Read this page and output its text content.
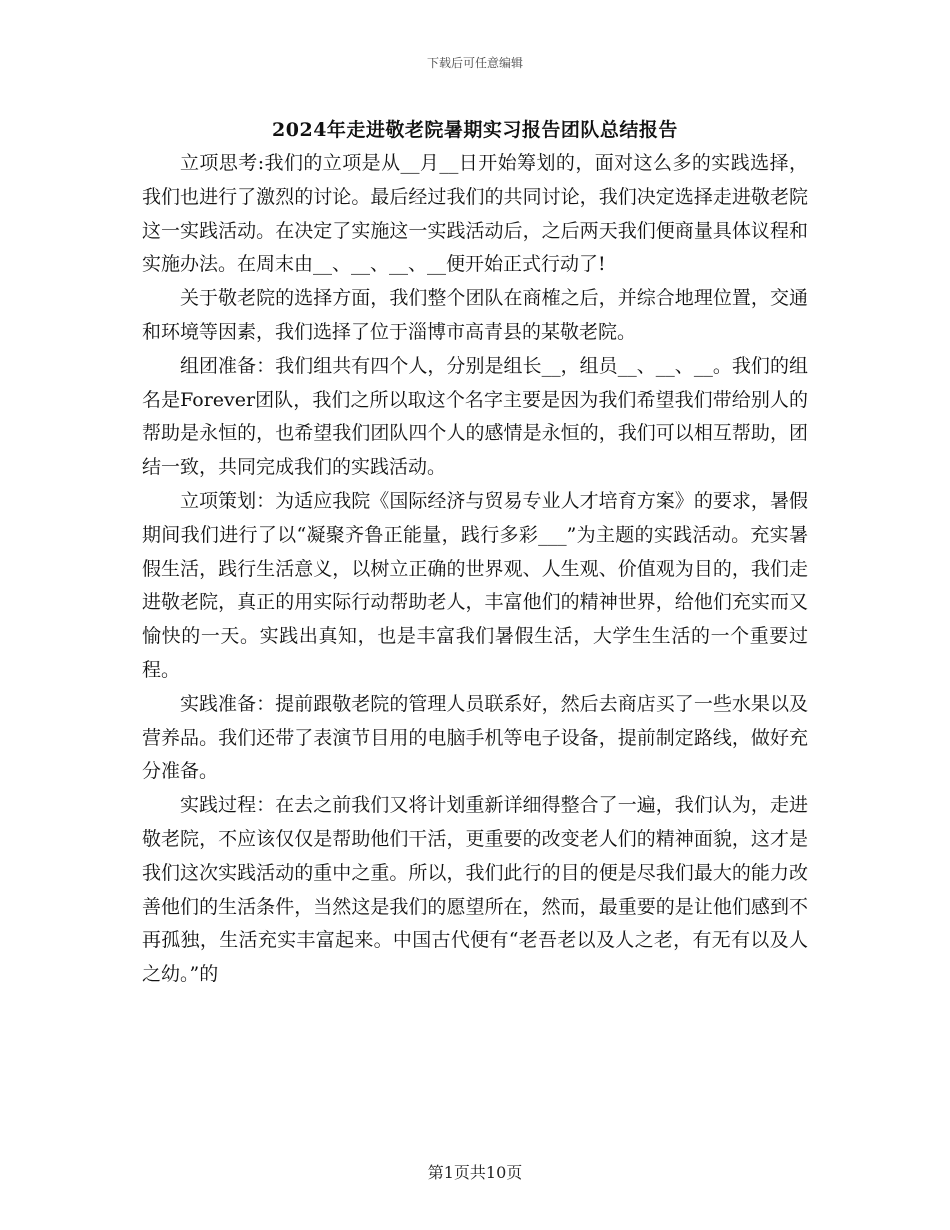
下载后可任意编辑
2024年走进敬老院暑期实习报告团队总结报告

立项思考:我们的立项是从__月__日开始筹划的，面对这么多的实践选择，我们也进行了激烈的讨论。最后经过我们的共同讨论，我们决定选择走进敬老院这一实践活动。在决定了实施这一实践活动后，之后两天我们便商量具体议程和实施办法。在周末由__、__、__、__便开始正式行动了!

关于敬老院的选择方面，我们整个团队在商榷之后，并综合地理位置，交通和环境等因素，我们选择了位于淄博市高青县的某敬老院。

组团准备：我们组共有四个人，分别是组长__，组员__、__、__。我们的组名是Forever团队，我们之所以取这个名字主要是因为我们希望我们带给别人的帮助是永恒的，也希望我们团队四个人的感情是永恒的，我们可以相互帮助，团结一致，共同完成我们的实践活动。

立项策划：为适应我院《国际经济与贸易专业人才培育方案》的要求，暑假期间我们进行了以“凝聚齐鲁正能量，践行多彩___”为主题的实践活动。充实暑假生活，践行生活意义，以树立正确的世界观、人生观、价值观为目的，我们走进敬老院，真正的用实际行动帮助老人，丰富他们的精神世界，给他们充实而又愉快的一天。实践出真知，也是丰富我们暑假生活，大学生生活的一个重要过程。

实践准备：提前跟敬老院的管理人员联系好，然后去商店买了一些水果以及营养品。我们还带了表演节目用的电脑手机等电子设备，提前制定路线，做好充分准备。

实践过程：在去之前我们又将计划重新详细得整合了一遍，我们认为，走进敬老院，不应该仅仅是帮助他们干活，更重要的改变老人们的精神面貌，这才是我们这次实践活动的重中之重。所以，我们此行的目的便是尽我们最大的能力改善他们的生活条件，当然这是我们的愿望所在，然而，最重要的是让他们感到不再孤独，生活充实丰富起来。中国古代便有“老吾老以及人之老，有无有以及人之幼。”的

第1页共10页
